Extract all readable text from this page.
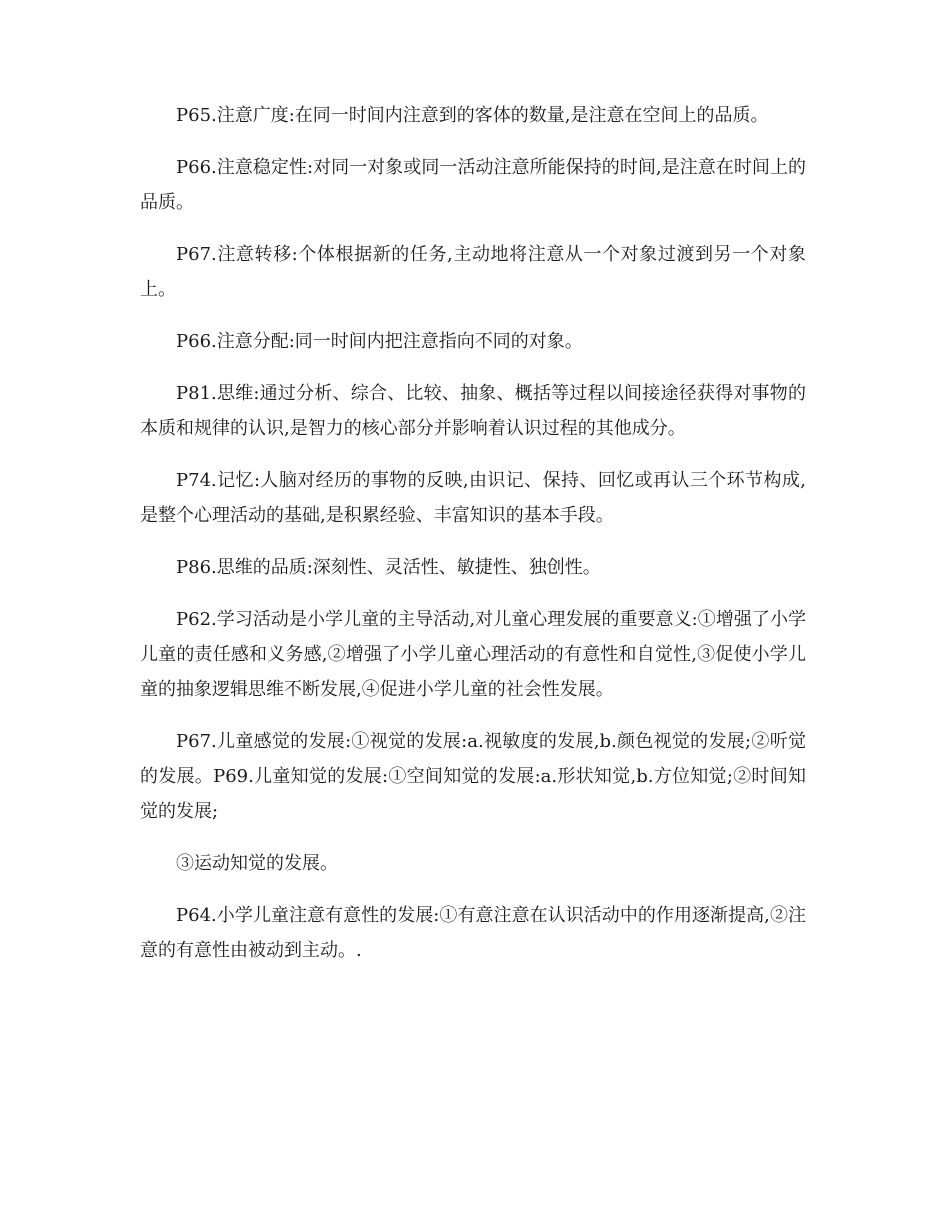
P65.注意广度:在同一时间内注意到的客体的数量,是注意在空间上的品质。

P66.注意稳定性:对同一对象或同一活动注意所能保持的时间,是注意在时间上的品质。

P67.注意转移:个体根据新的任务,主动地将注意从一个对象过渡到另一个对象上。

P66.注意分配:同一时间内把注意指向不同的对象。

P81.思维:通过分析、综合、比较、抽象、概括等过程以间接途径获得对事物的本质和规律的认识,是智力的核心部分并影响着认识过程的其他成分。

P74.记忆:人脑对经历的事物的反映,由识记、保持、回忆或再认三个环节构成,是整个心理活动的基础,是积累经验、丰富知识的基本手段。

P86.思维的品质:深刻性、灵活性、敏捷性、独创性。

P62.学习活动是小学儿童的主导活动,对儿童心理发展的重要意义:①增强了小学儿童的责任感和义务感,②增强了小学儿童心理活动的有意性和自觉性,③促使小学儿童的抽象逻辑思维不断发展,④促进小学儿童的社会性发展。

P67.儿童感觉的发展:①视觉的发展:a.视敏度的发展,b.颜色视觉的发展;②听觉的发展。P69.儿童知觉的发展:①空间知觉的发展:a.形状知觉,b.方位知觉;②时间知觉的发展;

③运动知觉的发展。

P64.小学儿童注意有意性的发展:①有意注意在认识活动中的作用逐渐提高,②注意的有意性由被动到主动。.
